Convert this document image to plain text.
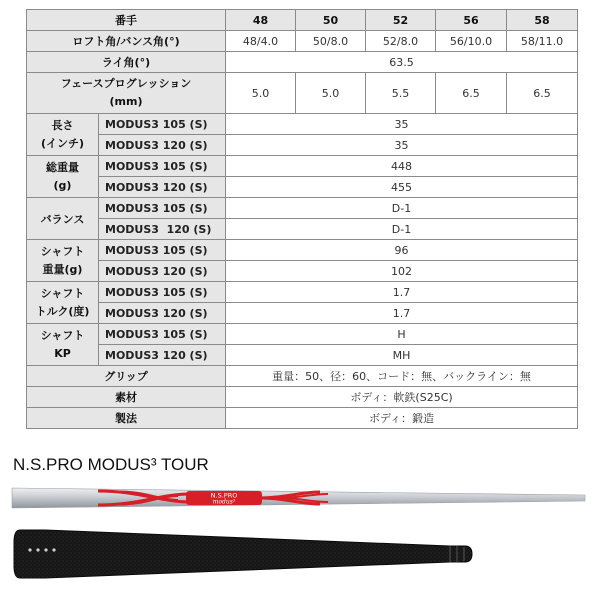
番手		48	50	52	56	58
ロフト角/バンス角(°)		48/4.0	50/8.0	52/8.0	56/10.0	58/11.0
ライ角(°)		63.5				
フェースプログレッション
(mm)		5.0	5.0	5.5	6.5	6.5
長さ
(インチ)	MODUS3 105 (S)	35				
	MODUS3 120 (S)	35				
総重量
(g)	MODUS3 105 (S)	448				
	MODUS3 120 (S)	455				
バランス	MODUS3 105 (S)	D-1				
	MODUS3  120 (S)	D-1				
シャフト
重量(g)	MODUS3 105 (S)	96				
	MODUS3 120 (S)	102				
シャフト
トルク(度)	MODUS3 105 (S)	1.7				
	MODUS3 120 (S)	1.7				
シャフト
KP	MODUS3 105 (S)	H				
	MODUS3 120 (S)	MH				
グリップ		重量：50、径：60、コード：無、バックライン：無				
素材		ボディ：軟鉄(S25C)				
製法		ボディ：鍛造				
N.S.PRO MODUS³ TOUR
N.S.PRO
modus³
